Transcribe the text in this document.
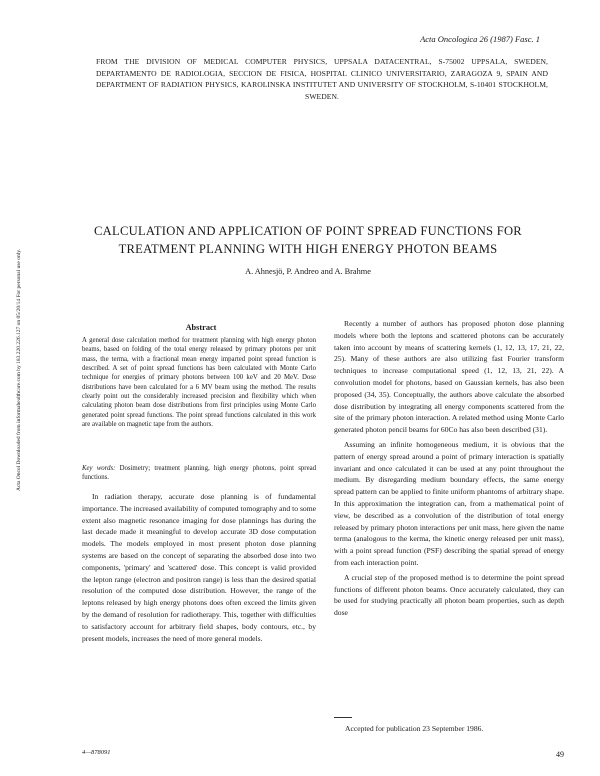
Acta Oncologica 26 (1987) Fasc. 1
FROM THE DIVISION OF MEDICAL COMPUTER PHYSICS, UPPSALA DATACENTRAL, S-75002 UPPSALA, SWEDEN, DEPARTAMENTO DE RADIOLOGIA, SECCION DE FISICA, HOSPITAL CLINICO UNIVERSITARIO, ZARAGOZA 9, SPAIN AND DEPARTMENT OF RADIATION PHYSICS, KAROLINSKA INSTITUTET AND UNIVERSITY OF STOCKHOLM, S-10401 STOCKHOLM, SWEDEN.
CALCULATION AND APPLICATION OF POINT SPREAD FUNCTIONS FOR
TREATMENT PLANNING WITH HIGH ENERGY PHOTON BEAMS
A. Ahnesjö, P. Andreo and A. Brahme
Abstract
A general dose calculation method for treatment planning with high energy photon beams, based on folding of the total energy released by primary photons per unit mass, the terma, with a fractional mean energy imparted point spread function is described. A set of point spread functions has been calculated with Monte Carlo technique for energies of primary photons between 100 keV and 20 MeV. Dose distributions have been calculated for a 6 MV beam using the method. The results clearly point out the considerably increased precision and flexibility which when calculating photon beam dose distributions from first principles using Monte Carlo generated point spread functions. The point spread functions calculated in this work are available on magnetic tape from the authors.
Key words: Dosimetry; treatment planning, high energy photons, point spread functions.

In radiation therapy, accurate dose planning is of fundamental importance. The increased availability of computed tomography and to some extent also magnetic resonance imaging for dose plannings has during the last decade made it meaningful to develop accurate 3D dose computation models. The models employed in most present photon dose planning systems are based on the concept of separating the absorbed dose into two components, 'primary' and 'scattered' dose. This concept is valid provided the lepton range (electron and positron range) is less than the desired spatial resolution of the computed dose distribution. However, the range of the leptons released by high energy photons does often exceed the limits given by the demand of resolution for radiotherapy. This, together with difficulties to satisfactory account for arbitrary field shapes, body contours, etc., by present models, increases the need of more general models.

Recently a number of authors has proposed photon dose planning models where both the leptons and scattered photons can be accurately taken into account by means of scattering kernels (1, 12, 13, 17, 21, 22, 25). Many of these authors are also utilizing fast Fourier transform techniques to increase computational speed (1, 12, 13, 21, 22). A convolution model for photons, based on Gaussian kernels, has also been proposed (34, 35). Conceptually, the authors above calculate the absorbed dose distribution by integrating all energy components scattered from the site of the primary photon interaction. A related method using Monte Carlo generated photon pencil beams for 60Co has also been described (31).

Assuming an infinite homogeneous medium, it is obvious that the pattern of energy spread around a point of primary interaction is spatially invariant and once calculated it can be used at any point throughout the medium. By disregarding medium boundary effects, the same energy spread pattern can be applied to finite uniform phantoms of arbitrary shape. In this approximation the integration can, from a mathematical point of view, be described as a convolution of the distribution of total energy released by primary photon interactions per unit mass, here given the name terma (analogous to the kerma, the kinetic energy released per unit mass), with a point spread function (PSF) describing the spatial spread of energy from each interaction point.

A crucial step of the proposed method is to determine the point spread functions of different photon beams. Once accurately calculated, they can be used for studying practically all photon beam properties, such as depth dose

Accepted for publication 23 September 1986.
4—878091	49
Acta Oncol Downloaded from informahealthcare.com by 183.220.226.127 on 05/20/14 For personal use only.
